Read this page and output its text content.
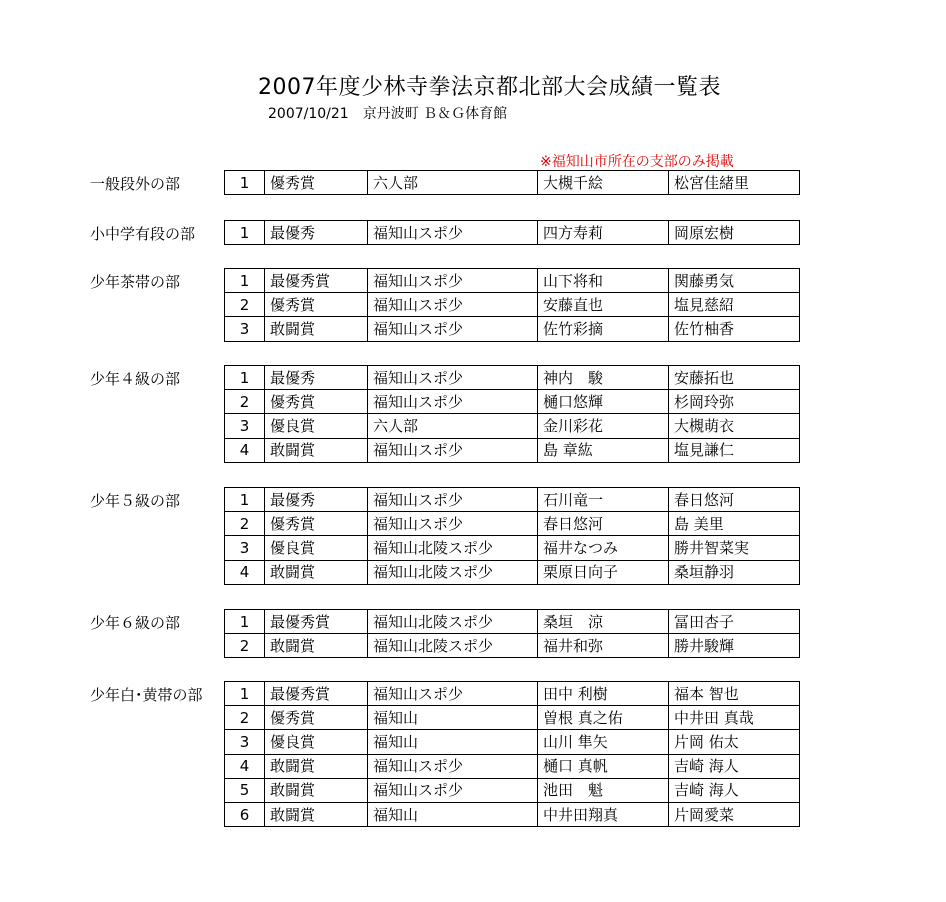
2007年度少林寺拳法京都北部大会成績一覧表
2007/10/21　京丹波町 Ｂ＆Ｇ体育館
※福知山市所在の支部のみ掲載
一般段外の部	1	優秀賞	六人部	大槻千絵	松宮佳緒里
小中学有段の部	1	最優秀	福知山スポ少	四方寿莉	岡原宏樹
少年茶帯の部	1	最優秀賞	福知山スポ少	山下将和	関藤勇気
2	優秀賞	福知山スポ少	安藤直也	塩見慈紹
3	敢闘賞	福知山スポ少	佐竹彩摘	佐竹柚香
少年４級の部	1	最優秀	福知山スポ少	神内　駿	安藤拓也
2	優秀賞	福知山スポ少	樋口悠輝	杉岡玲弥
3	優良賞	六人部	金川彩花	大槻萌衣
4	敢闘賞	福知山スポ少	島 章紘	塩見謙仁
少年５級の部	1	最優秀	福知山スポ少	石川竜一	春日悠河
2	優秀賞	福知山スポ少	春日悠河	島 美里
3	優良賞	福知山北陵スポ少	福井なつみ	勝井智菜実
4	敢闘賞	福知山北陵スポ少	栗原日向子	桑垣静羽
少年６級の部	1	最優秀賞	福知山北陵スポ少	桑垣　涼	冨田杏子
2	敢闘賞	福知山北陵スポ少	福井和弥	勝井駿輝
少年白･黄帯の部 1	最優秀賞	福知山スポ少	田中 利樹	福本 智也
2	優秀賞	福知山	曽根 真之佑	中井田 真哉
3	優良賞	福知山	山川 隼矢	片岡 佑太
4	敢闘賞	福知山スポ少	樋口 真帆	吉崎 海人
5	敢闘賞	福知山スポ少	池田　魁	吉崎 海人
6	敢闘賞	福知山	中井田翔真	片岡愛菜
